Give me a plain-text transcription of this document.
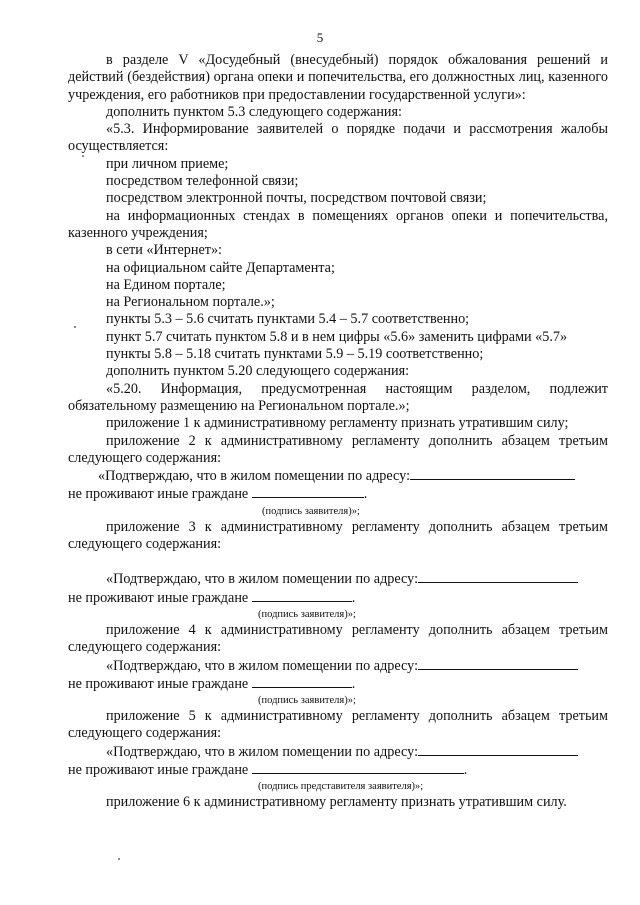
5

в разделе V «Досудебный (внесудебный) порядок обжалования решений и действий (бездействия) органа опеки и попечительства, его должностных лиц, казенного учреждения, его работников при предоставлении государственной услуги»:

дополнить пунктом 5.3 следующего содержания:

«5.3. Информирование заявителей о порядке подачи и рассмотрения жалобы осуществляется:

при личном приеме;

посредством телефонной связи;

посредством электронной почты, посредством почтовой связи;

на информационных стендах в помещениях органов опеки и попечительства, казенного учреждения;

в сети «Интернет»:

на официальном сайте Департамента;

на Едином портале;

на Региональном портале.»;

пункты 5.3 – 5.6 считать пунктами 5.4 – 5.7 соответственно;

пункт 5.7 считать пунктом 5.8 и в нем цифры «5.6» заменить цифрами «5.7»

пункты 5.8 – 5.18 считать пунктами 5.9 – 5.19 соответственно;

дополнить пунктом 5.20 следующего содержания:

«5.20. Информация, предусмотренная настоящим разделом, подлежит обязательному размещению на Региональном портале.»;

приложение 1 к административному регламенту признать утратившим силу;

приложение 2 к административному регламенту дополнить абзацем третьим следующего содержания:

«Подтверждаю, что в жилом помещении по адресу:

не проживают иные граждане	.

(подпись заявителя)»;

приложение 3 к административному регламенту дополнить абзацем третьим следующего содержания:

«Подтверждаю, что в жилом помещении по адресу:

не проживают иные граждане	.

(подпись заявителя)»;

приложение 4 к административному регламенту дополнить абзацем третьим следующего содержания:

«Подтверждаю, что в жилом помещении по адресу:

не проживают иные граждане	.

(подпись заявителя)»;

приложение 5 к административному регламенту дополнить абзацем третьим следующего содержания:

«Подтверждаю, что в жилом помещении по адресу:

не проживают иные граждане	.

(подпись представителя заявителя)»;

приложение 6 к административному регламенту признать утратившим силу.
